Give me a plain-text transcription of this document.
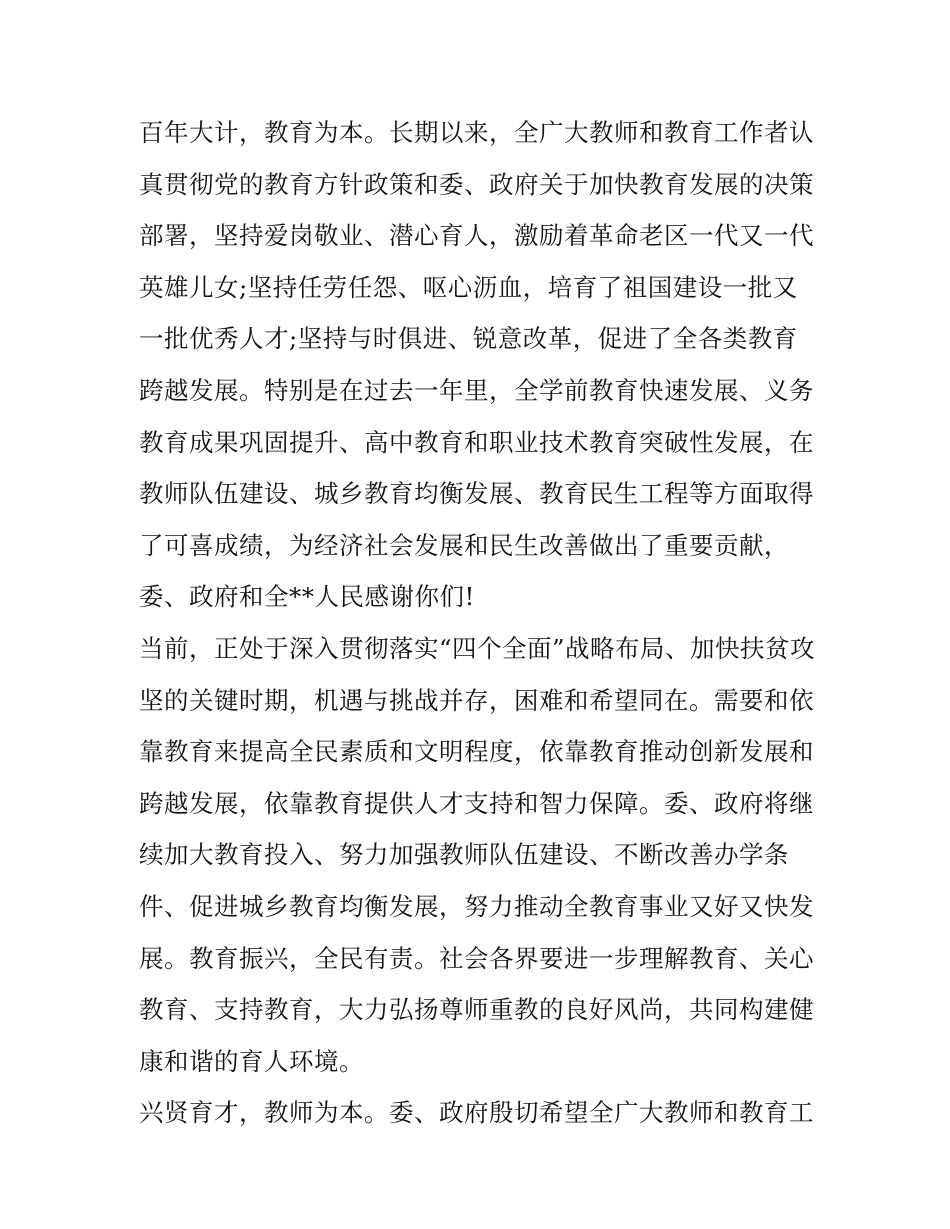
百年大计，教育为本。长期以来，全广大教师和教育工作者认
真贯彻党的教育方针政策和委、政府关于加快教育发展的决策
部署，坚持爱岗敬业、潜心育人，激励着革命老区一代又一代
英雄儿女;坚持任劳任怨、呕心沥血，培育了祖国建设一批又
一批优秀人才;坚持与时俱进、锐意改革，促进了全各类教育
跨越发展。特别是在过去一年里，全学前教育快速发展、义务
教育成果巩固提升、高中教育和职业技术教育突破性发展，在
教师队伍建设、城乡教育均衡发展、教育民生工程等方面取得
了可喜成绩，为经济社会发展和民生改善做出了重要贡献，
委、政府和全**人民感谢你们!
当前，正处于深入贯彻落实“四个全面”战略布局、加快扶贫攻
坚的关键时期，机遇与挑战并存，困难和希望同在。需要和依
靠教育来提高全民素质和文明程度，依靠教育推动创新发展和
跨越发展，依靠教育提供人才支持和智力保障。委、政府将继
续加大教育投入、努力加强教师队伍建设、不断改善办学条
件、促进城乡教育均衡发展，努力推动全教育事业又好又快发
展。教育振兴，全民有责。社会各界要进一步理解教育、关心
教育、支持教育，大力弘扬尊师重教的良好风尚，共同构建健
康和谐的育人环境。
兴贤育才，教师为本。委、政府殷切希望全广大教师和教育工
